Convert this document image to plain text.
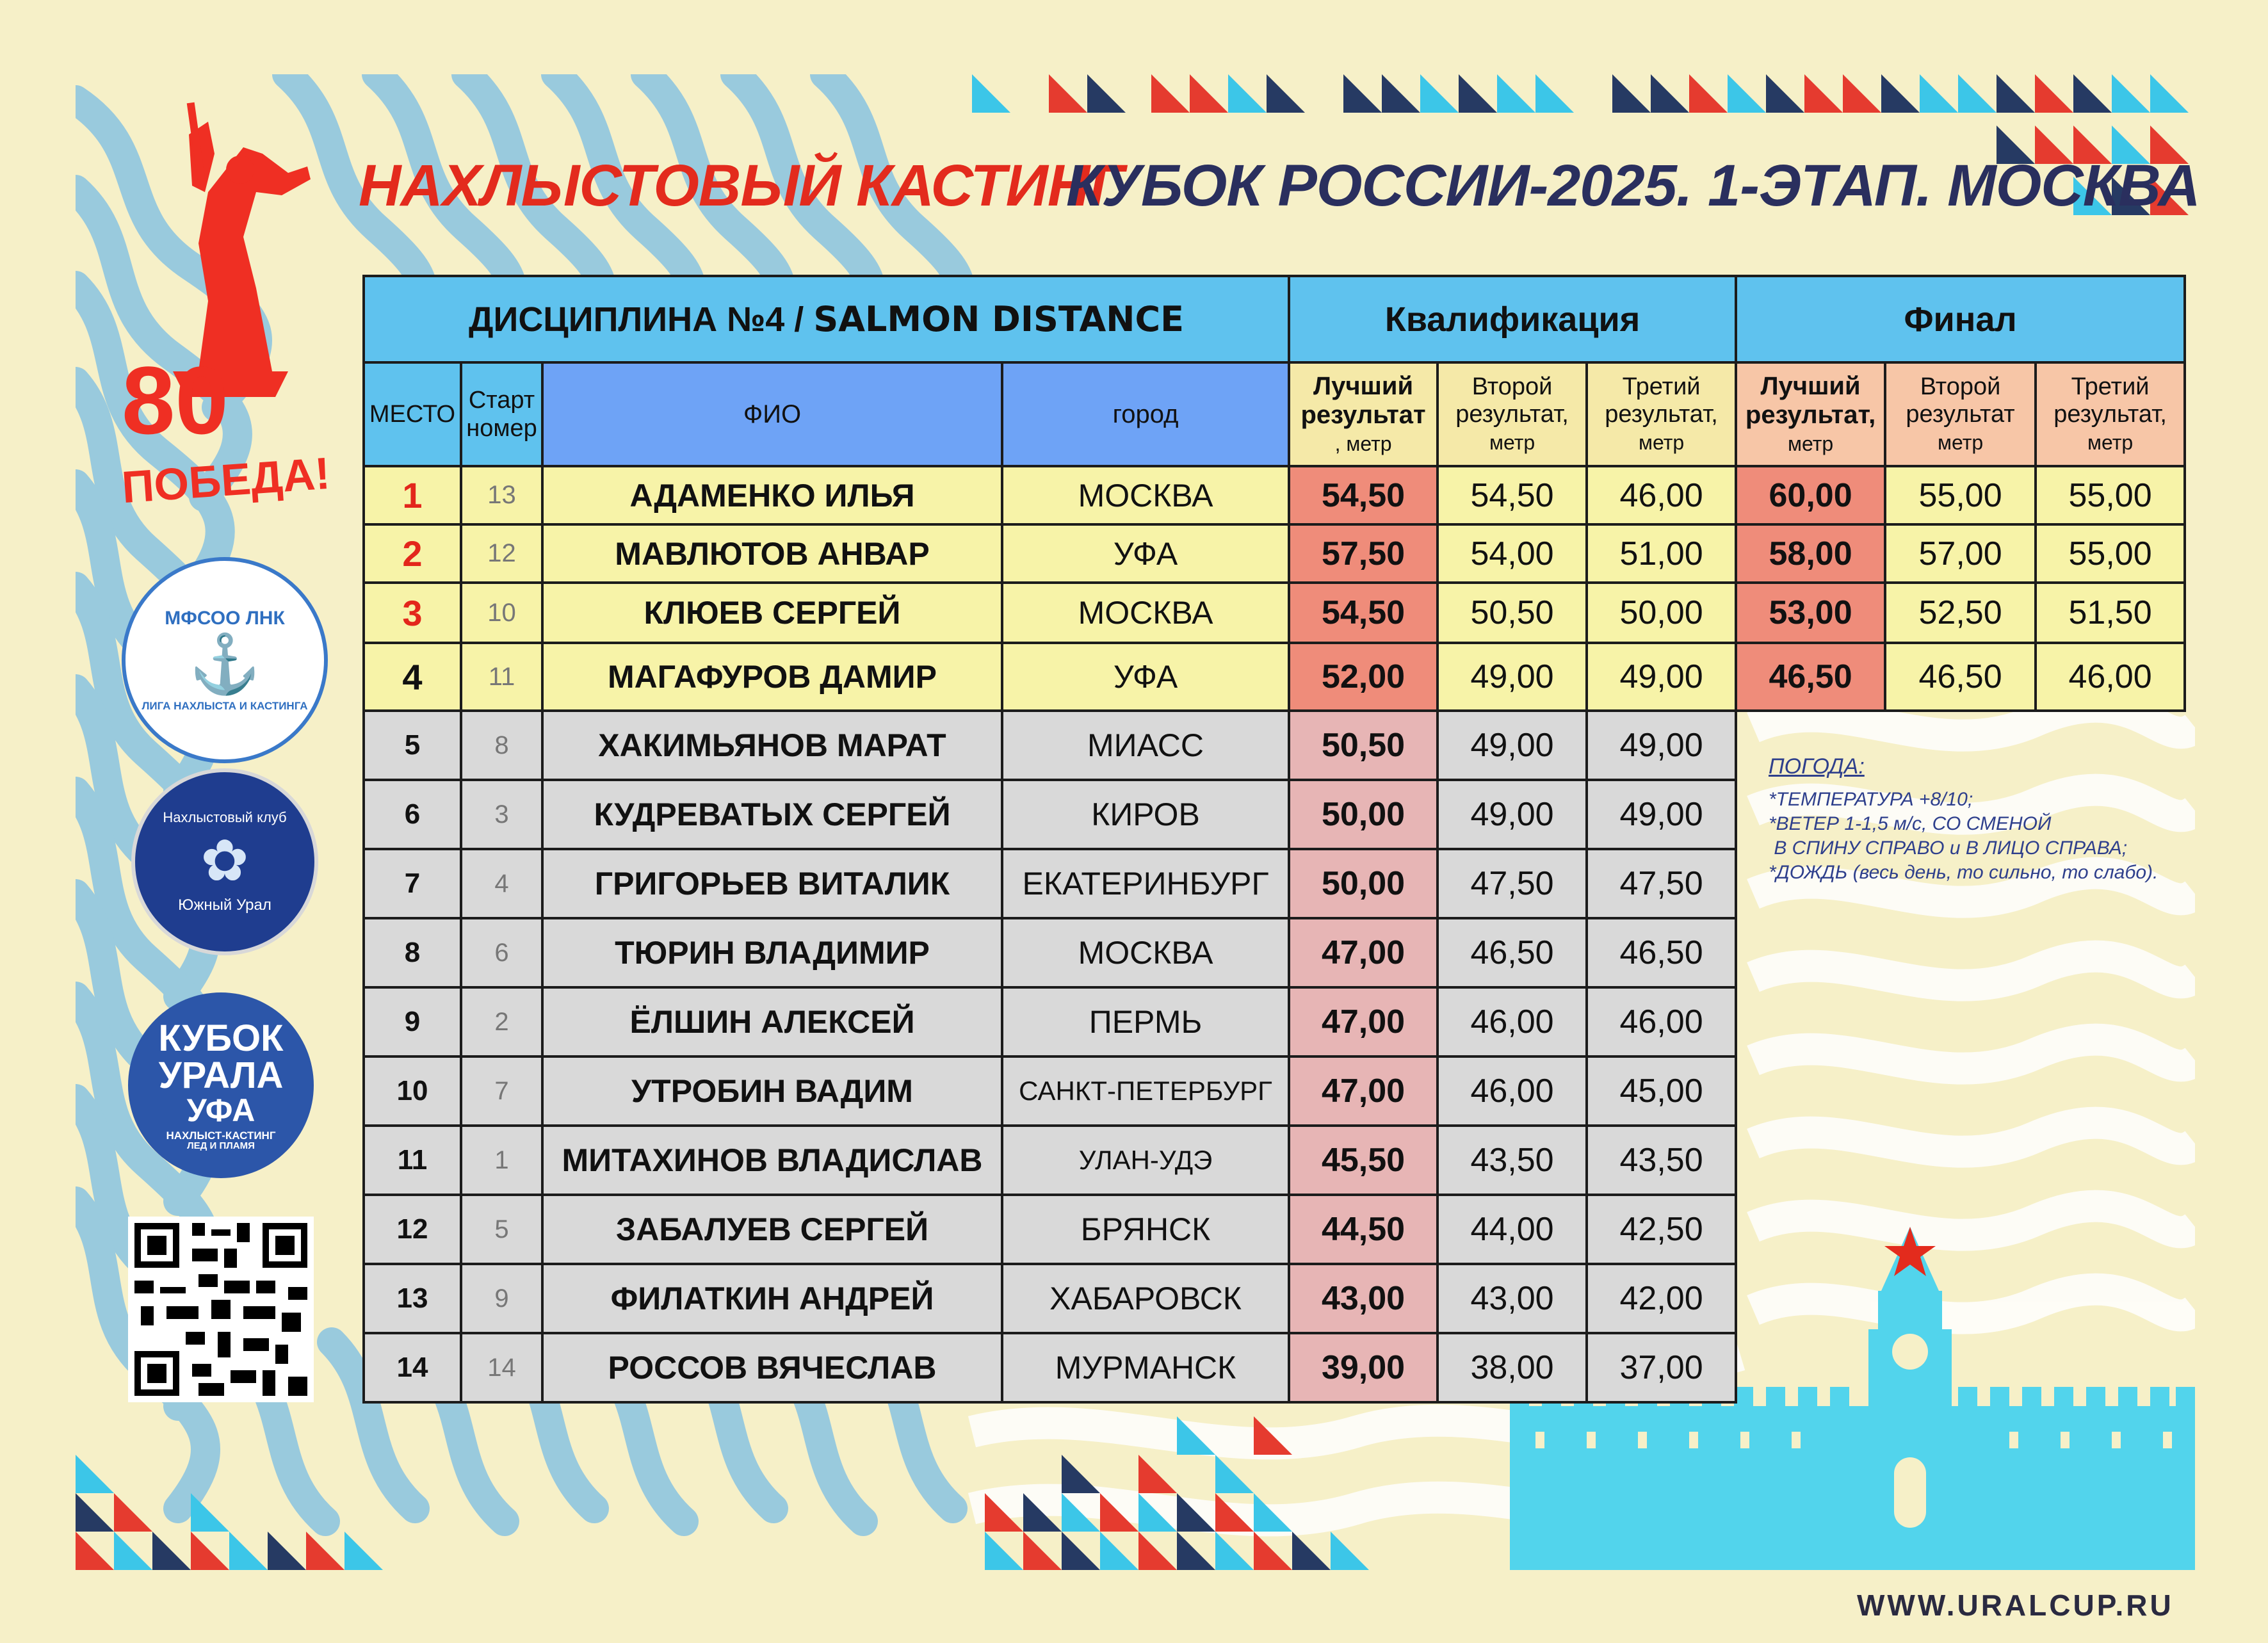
НАХЛЫСТОВЫЙ КАСТИНГ
КУБОК РОССИИ-2025. 1-ЭТАП. МОСКВА
80
ПОБЕДА!
МФСОО ЛНК
⚓
ЛИГА НАХЛЫСТА И КАСТИНГА
Нахлыстовый клуб
✿
Южный Урал
КУБОК
УРАЛА
УФА
НАХЛЫСТ-КАСТИНГ
ЛЕД И ПЛАМЯ
ДИСЦИПЛИНА №4 / SALMON DISTANCE				Квалификация			Финал		
МЕСТО	Старт номер	ФИО	город	Лучший
результат
, метр	Второй
результат,
метр	Третий
результат,
метр	Лучший
результат,
метр	Второй
результат
метр	Третий
результат,
метр
1	13	АДАМЕНКО ИЛЬЯ	МОСКВА	54,50	54,50	46,00	60,00	55,00	55,00
2	12	МАВЛЮТОВ АНВАР	УФА	57,50	54,00	51,00	58,00	57,00	55,00
3	10	КЛЮЕВ СЕРГЕЙ	МОСКВА	54,50	50,50	50,00	53,00	52,50	51,50
4	11	МАГАФУРОВ ДАМИР	УФА	52,00	49,00	49,00	46,50	46,50	46,00
5	8	ХАКИМЬЯНОВ МАРАТ	МИАСС	50,50	49,00	49,00			
6	3	КУДРЕВАТЫХ СЕРГЕЙ	КИРОВ	50,00	49,00	49,00			
7	4	ГРИГОРЬЕВ ВИТАЛИК	ЕКАТЕРИНБУРГ	50,00	47,50	47,50			
8	6	ТЮРИН ВЛАДИМИР	МОСКВА	47,00	46,50	46,50			
9	2	ЁЛШИН АЛЕКСЕЙ	ПЕРМЬ	47,00	46,00	46,00			
10	7	УТРОБИН ВАДИМ	САНКТ-ПЕТЕРБУРГ	47,00	46,00	45,00			
11	1	МИТАХИНОВ ВЛАДИСЛАВ	УЛАН-УДЭ	45,50	43,50	43,50			
12	5	ЗАБАЛУЕВ СЕРГЕЙ	БРЯНСК	44,50	44,00	42,50			
13	9	ФИЛАТКИН АНДРЕЙ	ХАБАРОВСК	43,00	43,00	42,00			
14	14	РОССОВ ВЯЧЕСЛАВ	МУРМАНСК	39,00	38,00	37,00			
ПОГОДА:
*ТЕМПЕРАТУРА +8/10;
*ВЕТЕР 1-1,5 м/с, СО СМЕНОЙ
В СПИНУ СПРАВО и В ЛИЦО СПРАВА;
*ДОЖДЬ (весь день, то сильно, то слабо).
WWW.URALCUP.RU
